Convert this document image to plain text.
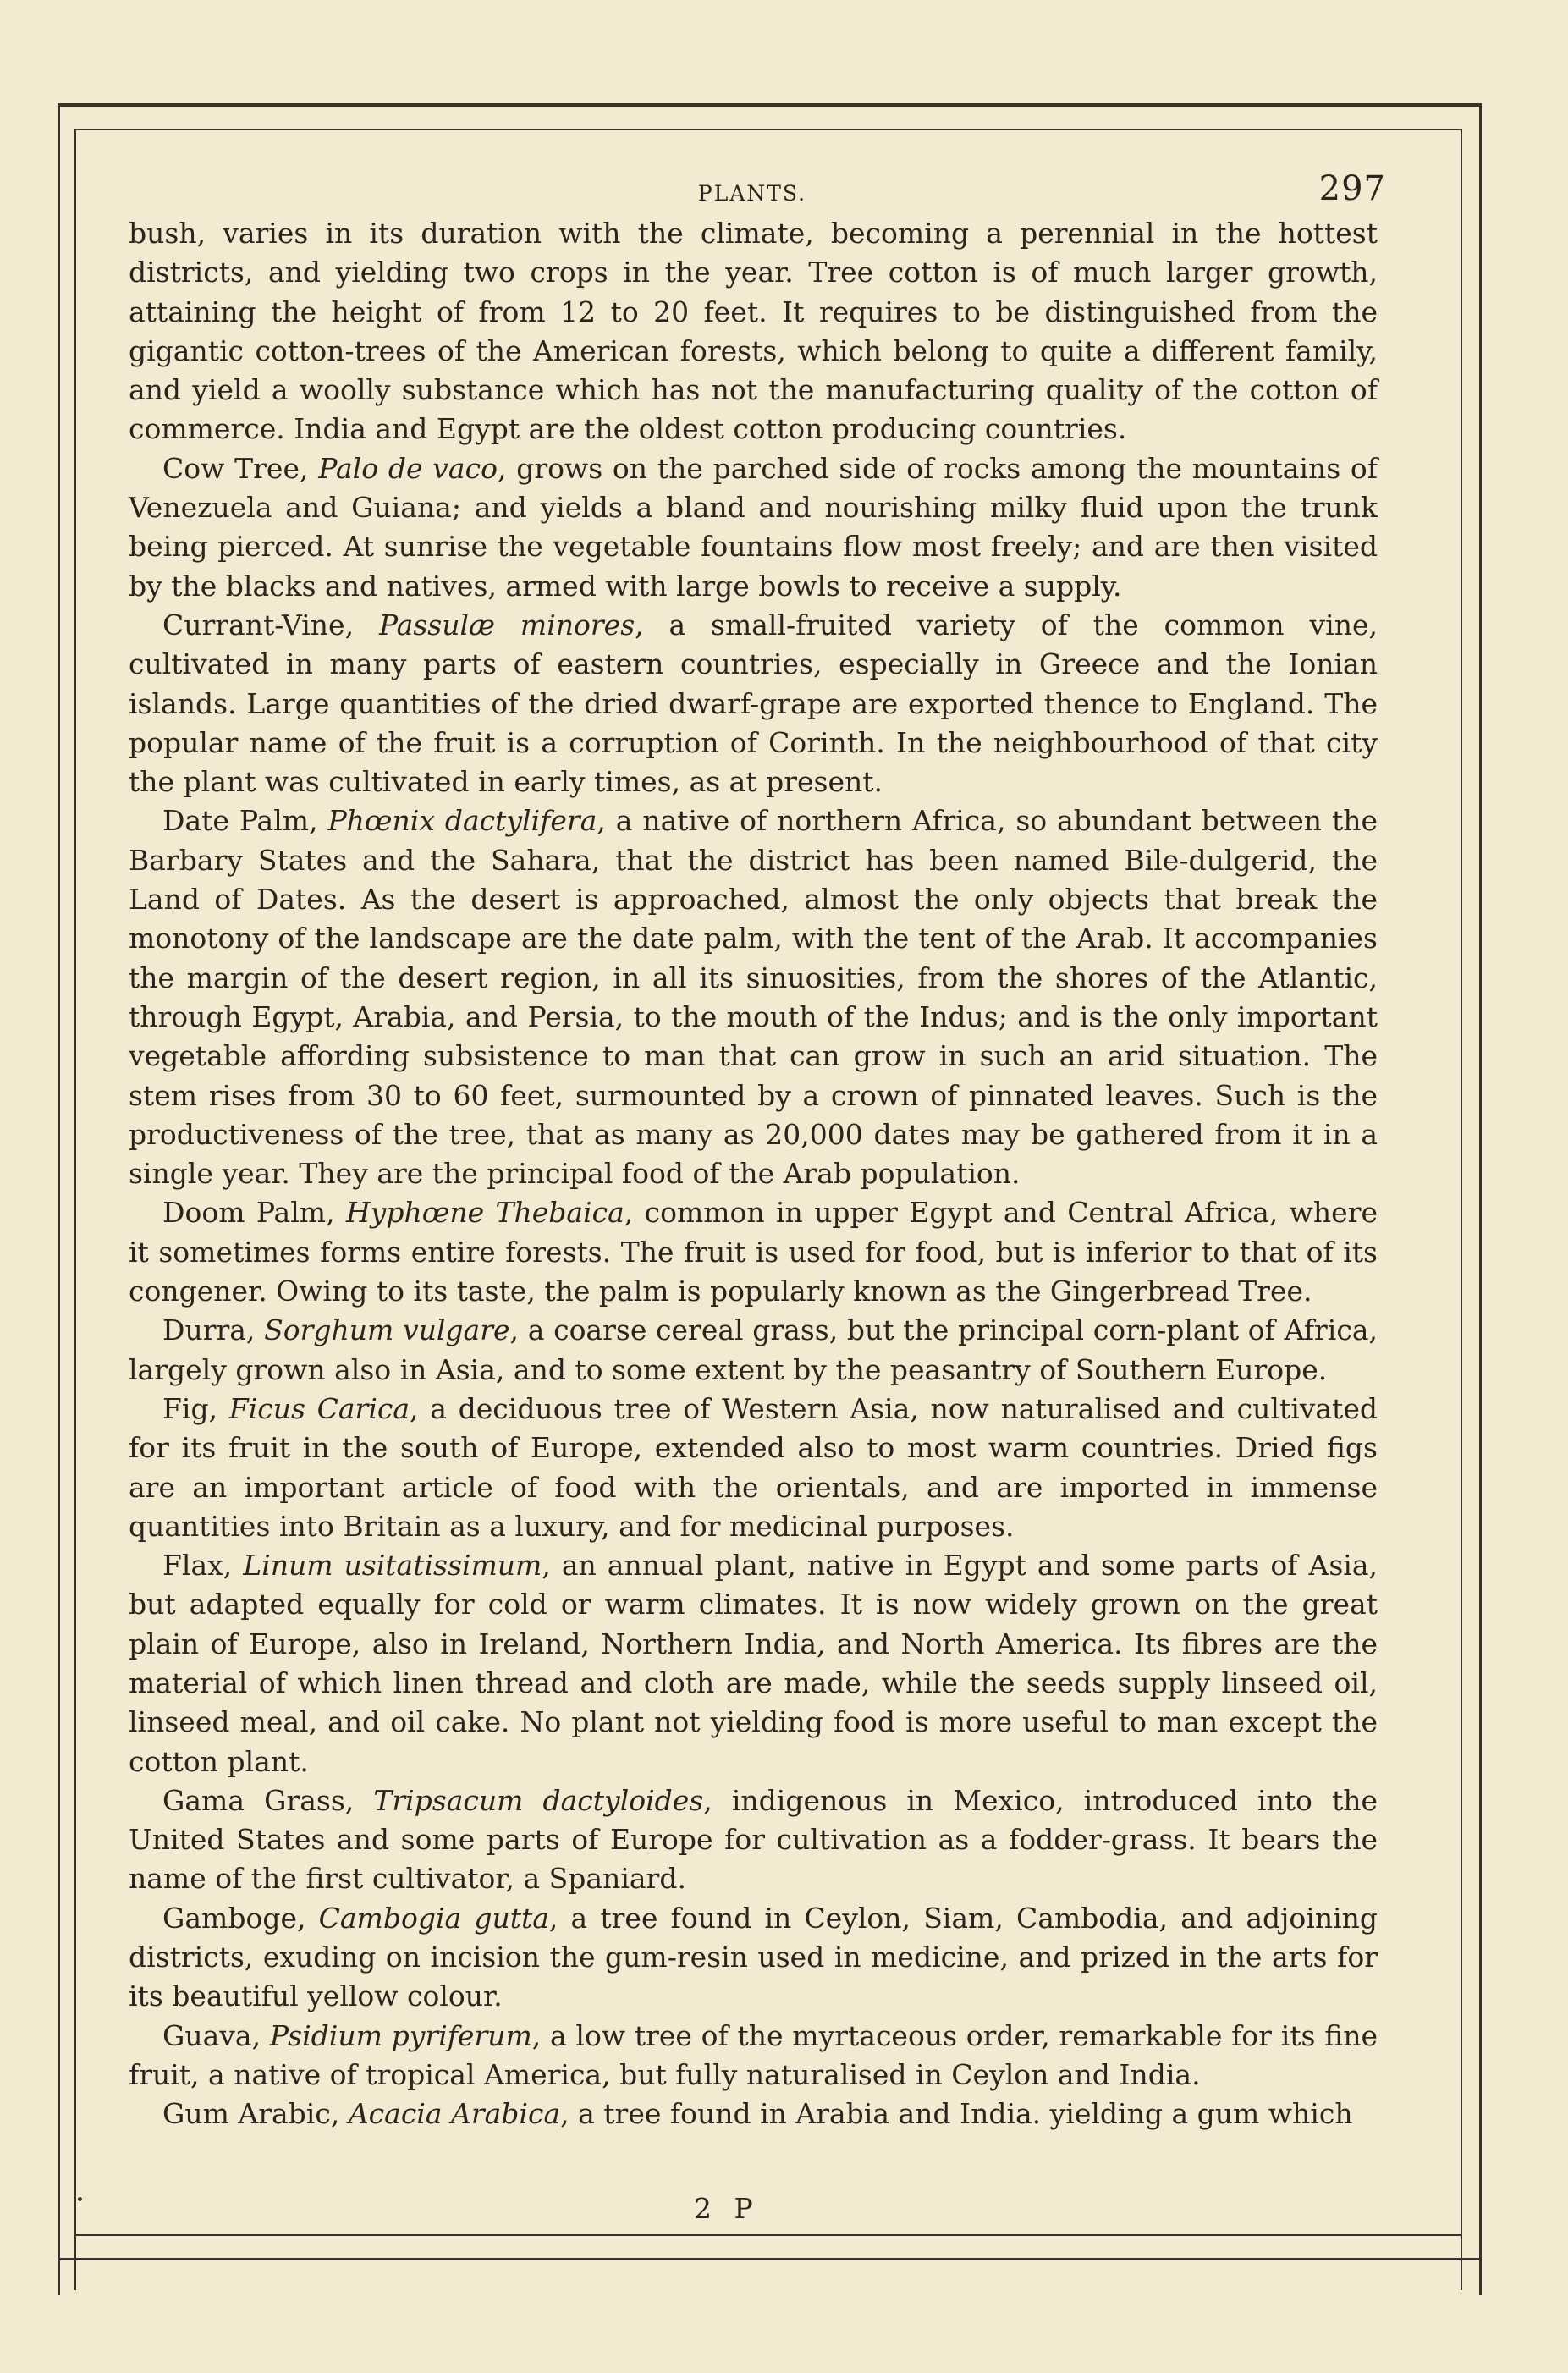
PLANTS.	297

bush, varies in its duration with the climate, becoming a perennial in the hottest districts, and yielding two crops in the year. Tree cotton is of much larger growth, attaining the height of from 12 to 20 feet. It requires to be distinguished from the gigantic cotton-trees of the American forests, which belong to quite a different family, and yield a woolly substance which has not the manufacturing quality of the cotton of commerce. India and Egypt are the oldest cotton producing countries.

Cow Tree, Palo de vaco, grows on the parched side of rocks among the mountains of Venezuela and Guiana; and yields a bland and nourishing milky fluid upon the trunk being pierced. At sunrise the vegetable fountains flow most freely; and are then visited by the blacks and natives, armed with large bowls to receive a supply.

Currant-Vine, Passulæ minores, a small-fruited variety of the common vine, cultivated in many parts of eastern countries, especially in Greece and the Ionian islands. Large quantities of the dried dwarf-grape are exported thence to England. The popular name of the fruit is a corruption of Corinth. In the neighbourhood of that city the plant was cultivated in early times, as at present.

Date Palm, Phœnix dactylifera, a native of northern Africa, so abundant between the Barbary States and the Sahara, that the district has been named Bile-dulgerid, the Land of Dates. As the desert is approached, almost the only objects that break the monotony of the landscape are the date palm, with the tent of the Arab. It accompanies the margin of the desert region, in all its sinuosities, from the shores of the Atlantic, through Egypt, Arabia, and Persia, to the mouth of the Indus; and is the only important vegetable affording subsistence to man that can grow in such an arid situation. The stem rises from 30 to 60 feet, surmounted by a crown of pinnated leaves. Such is the productiveness of the tree, that as many as 20,000 dates may be gathered from it in a single year. They are the principal food of the Arab population.

Doom Palm, Hyphœne Thebaica, common in upper Egypt and Central Africa, where it sometimes forms entire forests. The fruit is used for food, but is inferior to that of its congener. Owing to its taste, the palm is popularly known as the Gingerbread Tree.

Durra, Sorghum vulgare, a coarse cereal grass, but the principal corn-plant of Africa, largely grown also in Asia, and to some extent by the peasantry of Southern Europe.

Fig, Ficus Carica, a deciduous tree of Western Asia, now naturalised and cultivated for its fruit in the south of Europe, extended also to most warm countries. Dried figs are an important article of food with the orientals, and are imported in immense quantities into Britain as a luxury, and for medicinal purposes.

Flax, Linum usitatissimum, an annual plant, native in Egypt and some parts of Asia, but adapted equally for cold or warm climates. It is now widely grown on the great plain of Europe, also in Ireland, Northern India, and North America. Its fibres are the material of which linen thread and cloth are made, while the seeds supply linseed oil, linseed meal, and oil cake. No plant not yielding food is more useful to man except the cotton plant.

Gama Grass, Tripsacum dactyloides, indigenous in Mexico, introduced into the United States and some parts of Europe for cultivation as a fodder-grass. It bears the name of the first cultivator, a Spaniard.

Gamboge, Cambogia gutta, a tree found in Ceylon, Siam, Cambodia, and adjoining districts, exuding on incision the gum-resin used in medicine, and prized in the arts for its beautiful yellow colour.

Guava, Psidium pyriferum, a low tree of the myrtaceous order, remarkable for its fine fruit, a native of tropical America, but fully naturalised in Ceylon and India.

Gum Arabic, Acacia Arabica, a tree found in Arabia and India. yielding a gum which

2 P
